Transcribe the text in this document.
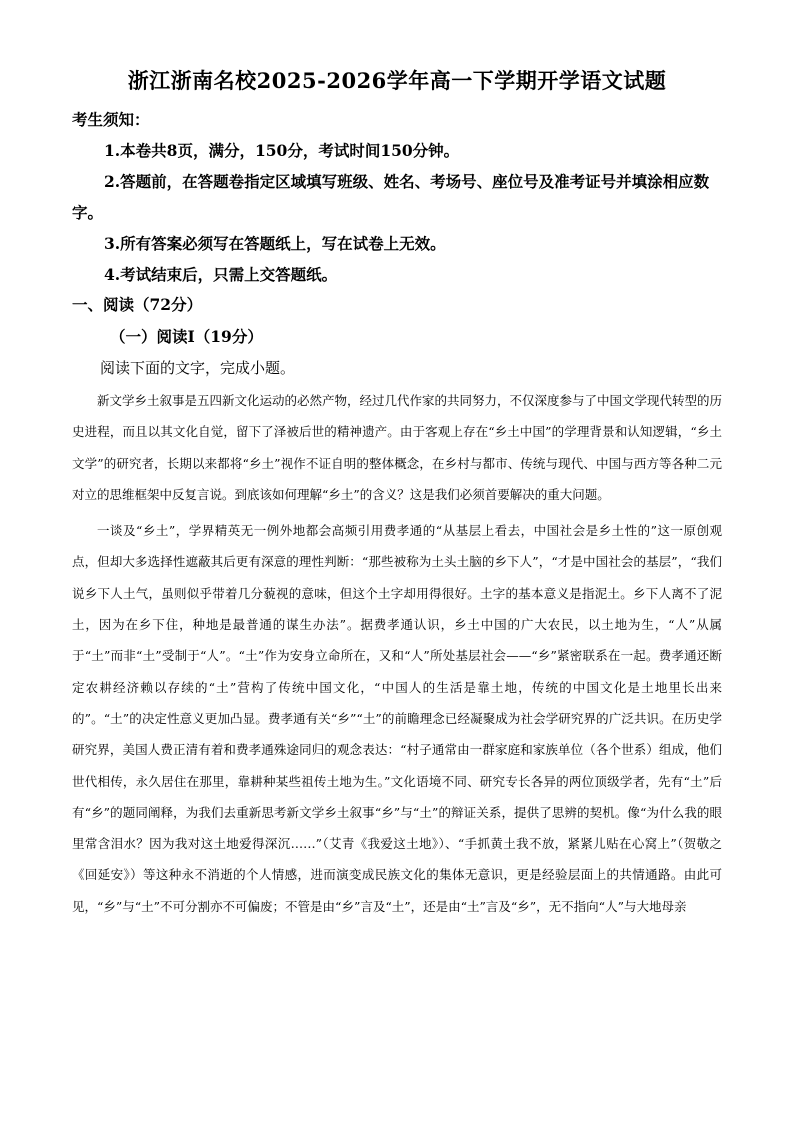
浙江浙南名校2025-2026学年高一下学期开学语文试题
考生须知：

1.本卷共8页，满分，150分，考试时间150分钟。

2.答题前，在答题卷指定区域填写班级、姓名、考场号、座位号及准考证号并填涂相应数字。

3.所有答案必须写在答题纸上，写在试卷上无效。

4.考试结束后，只需上交答题纸。

一、阅读（72分）
（一）阅读Ⅰ（19分）
阅读下面的文字，完成小题。

新文学乡土叙事是五四新文化运动的必然产物，经过几代作家的共同努力，不仅深度参与了中国文学现代转型的历史进程，而且以其文化自觉，留下了泽被后世的精神遗产。由于客观上存在“乡土中国”的学理背景和认知逻辑，“乡土文学”的研究者，长期以来都将“乡土”视作不证自明的整体概念，在乡村与都市、传统与现代、中国与西方等各种二元对立的思维框架中反复言说。到底该如何理解“乡土”的含义？这是我们必须首要解决的重大问题。

一谈及“乡土”，学界精英无一例外地都会高频引用费孝通的“从基层上看去，中国社会是乡土性的”这一原创观点，但却大多选择性遮蔽其后更有深意的理性判断：“那些被称为土头土脑的乡下人”，“才是中国社会的基层”，“我们说乡下人土气，虽则似乎带着几分藐视的意味，但这个土字却用得很好。土字的基本意义是指泥土。乡下人离不了泥土，因为在乡下住，种地是最普通的谋生办法”。据费孝通认识，乡土中国的广大农民，以土地为生，“人”从属于“土”而非“土”受制于“人”。“土”作为安身立命所在，又和“人”所处基层社会——“乡”紧密联系在一起。费孝通还断定农耕经济赖以存续的“土”营构了传统中国文化，“中国人的生活是靠土地，传统的中国文化是土地里长出来的”。“土”的决定性意义更加凸显。费孝通有关“乡”“土”的前瞻理念已经凝聚成为社会学研究界的广泛共识。在历史学研究界，美国人费正清有着和费孝通殊途同归的观念表达：“村子通常由一群家庭和家族单位（各个世系）组成，他们世代相传，永久居住在那里，靠耕种某些祖传土地为生。”文化语境不同、研究专长各异的两位顶级学者，先有“土”后有“乡”的题同阐释，为我们去重新思考新文学乡土叙事“乡”与“土”的辩证关系，提供了思辨的契机。像“为什么我的眼里常含泪水？因为我对这土地爱得深沉……”（艾青《我爱这土地》）、“手抓黄土我不放，紧紧儿贴在心窝上”（贺敬之《回延安》）等这种永不消逝的个人情感，进而演变成民族文化的集体无意识，更是经验层面上的共情通路。由此可见，“乡”与“土”不可分割亦不可偏废；不管是由“乡”言及“土”，还是由“土”言及“乡”，无不指向“人”与大地母亲
